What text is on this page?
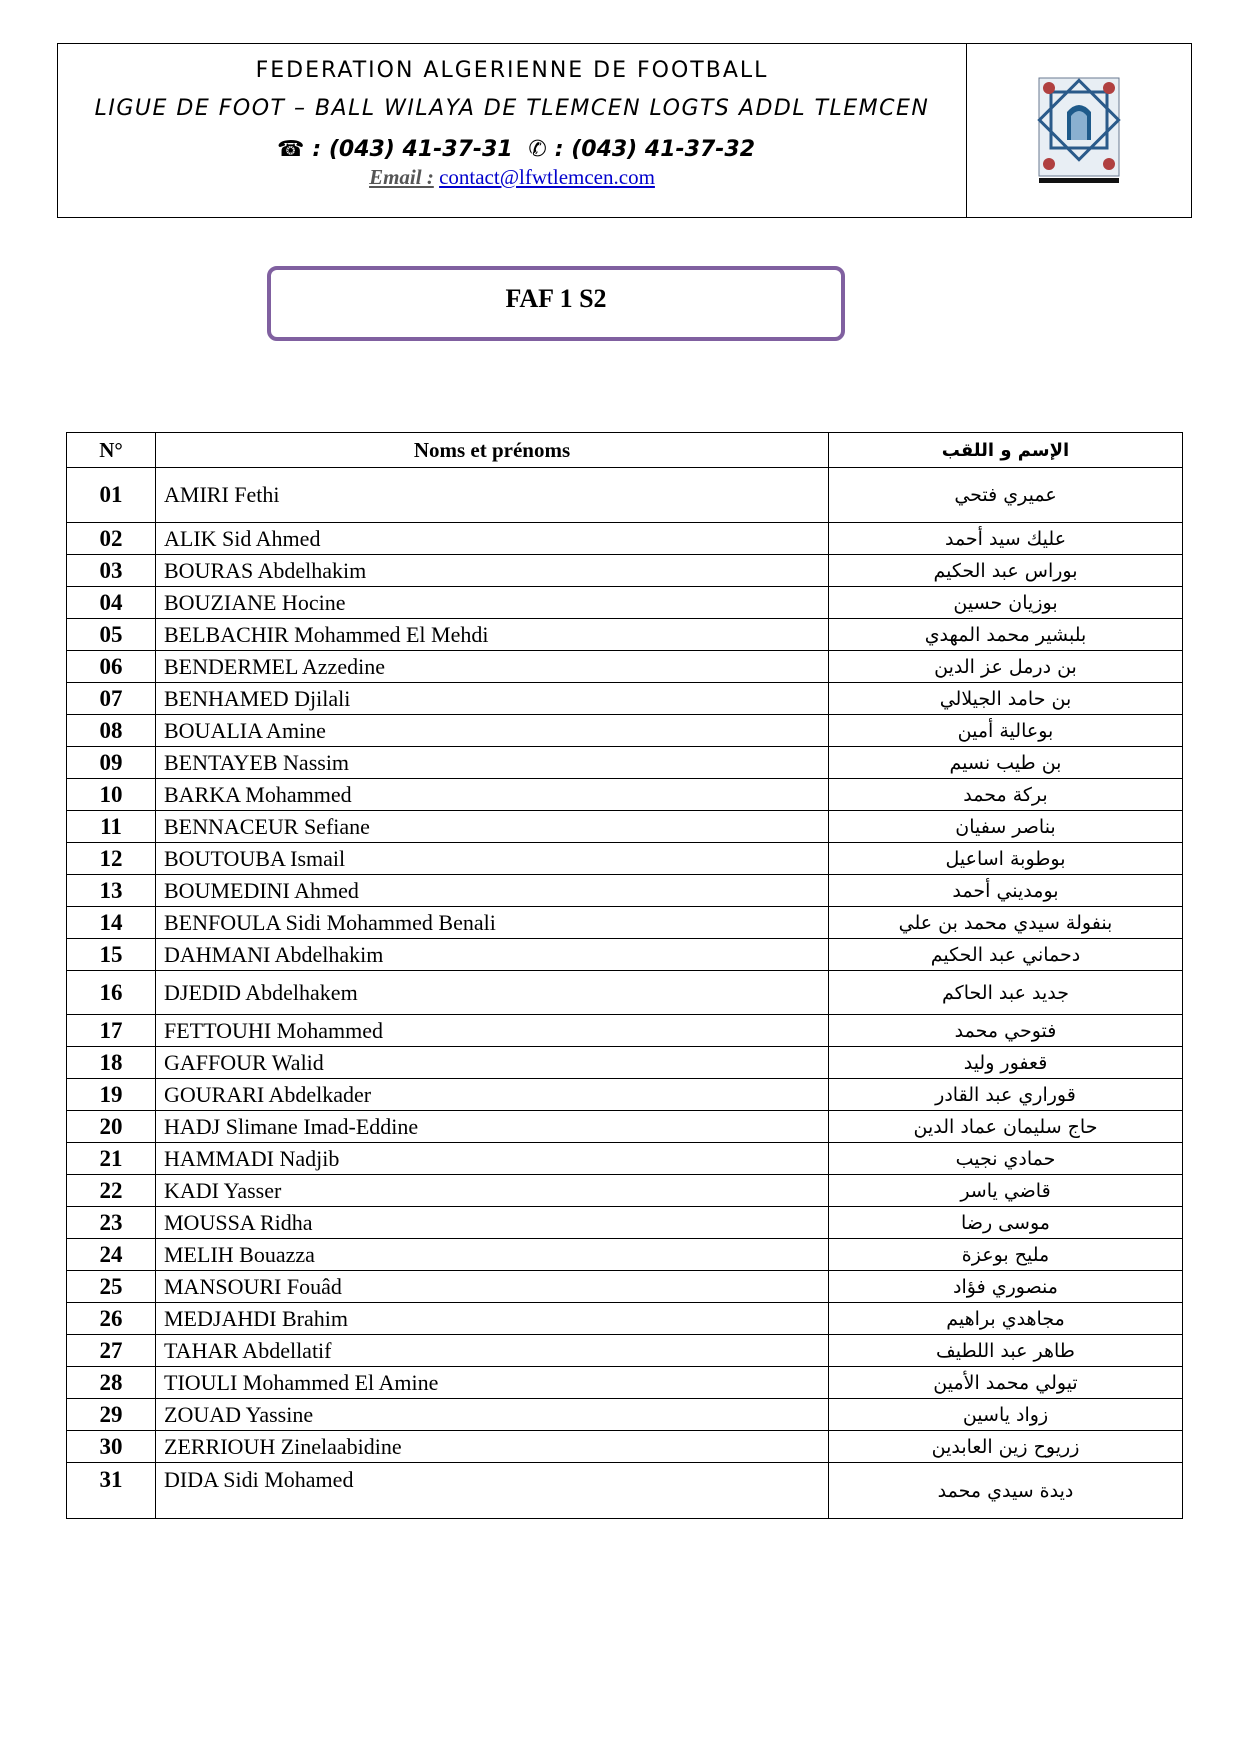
FEDERATION ALGERIENNE DE FOOTBALL
LIGUE DE FOOT – BALL WILAYA DE TLEMCEN LOGTS ADDL TLEMCEN
☎ : (043) 41-37-31 ✆ : (043) 41-37-32
Email : contact@lfwtlemcen.com
FAF 1 S2
N°	Noms et prénoms	الإسم و اللقب
01	AMIRI Fethi	عميري فتحي
02	ALIK Sid Ahmed	عليك سيد أحمد
03	BOURAS Abdelhakim	بوراس عبد الحكيم
04	BOUZIANE Hocine	بوزيان حسين
05	BELBACHIR Mohammed El Mehdi	بلبشير محمد المهدي
06	BENDERMEL Azzedine	بن درمل عز الدين
07	BENHAMED Djilali	بن حامد الجيلالي
08	BOUALIA Amine	بوعالية أمين
09	BENTAYEB Nassim	بن طيب نسيم
10	BARKA Mohammed	بركة محمد
11	BENNACEUR Sefiane	بناصر سفيان
12	BOUTOUBA Ismail	بوطوبة اساعيل
13	BOUMEDINI Ahmed	بومديني أحمد
14	BENFOULA Sidi Mohammed Benali	بنفولة سيدي محمد بن علي
15	DAHMANI Abdelhakim	دحماني عبد الحكيم
16	DJEDID Abdelhakem	جديد عبد الحاكم
17	FETTOUHI Mohammed	فتوحي محمد
18	GAFFOUR Walid	قعفور وليد
19	GOURARI Abdelkader	قوراري عبد القادر
20	HADJ Slimane Imad-Eddine	حاج سليمان عماد الدين
21	HAMMADI Nadjib	حمادي نجيب
22	KADI Yasser	قاضي ياسر
23	MOUSSA Ridha	موسى رضا
24	MELIH Bouazza	مليح بوعزة
25	MANSOURI Fouâd	منصوري فؤاد
26	MEDJAHDI Brahim	مجاهدي براهيم
27	TAHAR Abdellatif	طاهر عبد اللطيف
28	TIOULI Mohammed El Amine	تيولي محمد الأمين
29	ZOUAD Yassine	زواد ياسين
30	ZERRIOUH Zinelaabidine	زريوح زين العابدين
31	DIDA Sidi Mohamed	ديدة سيدي محمد
